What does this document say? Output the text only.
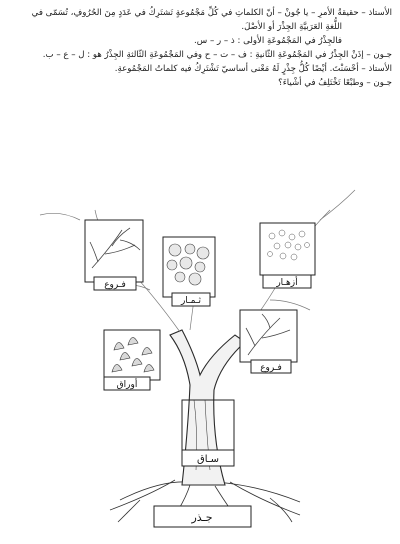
الأستاذ – حقيقةُ الأمرِ – يا جُونْ – أنّ الكلماتِ في كُلِّ مَجْمُوعةٍ تَشتَرِكُ في عَدَدٍ مِنَ الحُرُوفِ، تُسَمّى في
اللُّغةِ العَرَبيَّةِ الجِذْرَ أو الأصْلَ.
فالجِذْرُ في المَجْمُوعَةِ الأولى : ذ – ر – س.
جـون – إذَنْ الجِذْرُ في المَجْمُوعَةِ الثّانيةِ : ف – ت – ح وفي المَجْمُوعَةِ الثّالثةِ الجِذْرُ هو : ل – ع – ب.
الأستاذ – أحْسَنْتَ. أيْضًا كُلُّ جِذْرٍ لَهُ مَعْنى أساسيّ تَشْتَرِكُ فيه كلماتُ المَجْمُوعةِ.
جـون – وطبْعًا تَخْتَلِفُ في أشْياءَ؟
فـروع
ثـمـار
أزهـار
أوراق
فـروع
سـاق
جـذر
